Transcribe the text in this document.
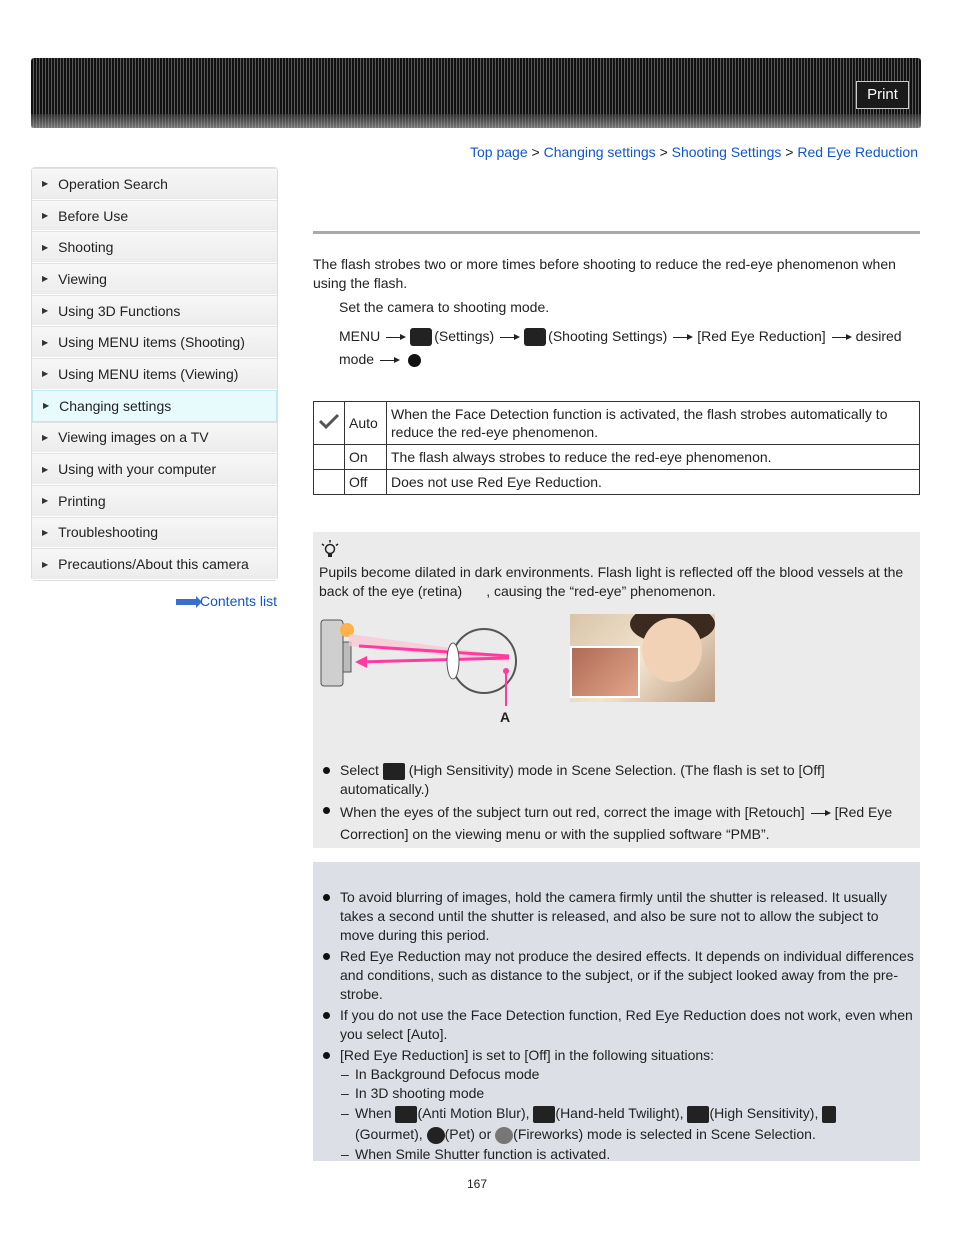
Print
Top page > Changing settings > Shooting Settings > Red Eye Reduction
▶ Operation Search
▶ Before Use
▶ Shooting
▶ Viewing
▶ Using 3D Functions
▶ Using MENU items (Shooting)
▶ Using MENU items (Viewing)
▶ Changing settings
▶ Viewing images on a TV
▶ Using with your computer
▶ Printing
▶ Troubleshooting
▶ Precautions/About this camera
Contents list

The flash strobes two or more times before shooting to reduce the red-eye phenomenon when using the flash.

Set the camera to shooting mode.
MENU	(Settings)	(Shooting Settings) [Red Eye Reduction] desired
mode
	Auto	When the Face Detection function is activated, the flash strobes automatically to reduce the red-eye phenomenon.
	On	The flash always strobes to reduce the red-eye phenomenon.
	Off	Does not use Red Eye Reduction.

Pupils become dilated in dark environments. Flash light is reflected off the blood vessels at the back of the eye (retina) , causing the “red-eye” phenomenon.

A
Select (High Sensitivity) mode in Scene Selection. (The flash is set to [Off] automatically.)
When the eyes of the subject turn out red, correct the image with [Retouch] [Red Eye Correction] on the viewing menu or with the supplied software “PMB”.
To avoid blurring of images, hold the camera firmly until the shutter is released. It usually takes a second until the shutter is released, and also be sure not to allow the subject to move during this period.
Red Eye Reduction may not produce the desired effects. It depends on individual differences and conditions, such as distance to the subject, or if the subject looked away from the pre-strobe.
If you do not use the Face Detection function, Red Eye Reduction does not work, even when you select [Auto].
[Red Eye Reduction] is set to [Off] in the following situations:
– In Background Defocus mode
– In 3D shooting mode
– When (Anti Motion Blur), (Hand-held Twilight), (High Sensitivity),
(Gourmet), (Pet) or (Fireworks) mode is selected in Scene Selection.
– When Smile Shutter function is activated.
167
